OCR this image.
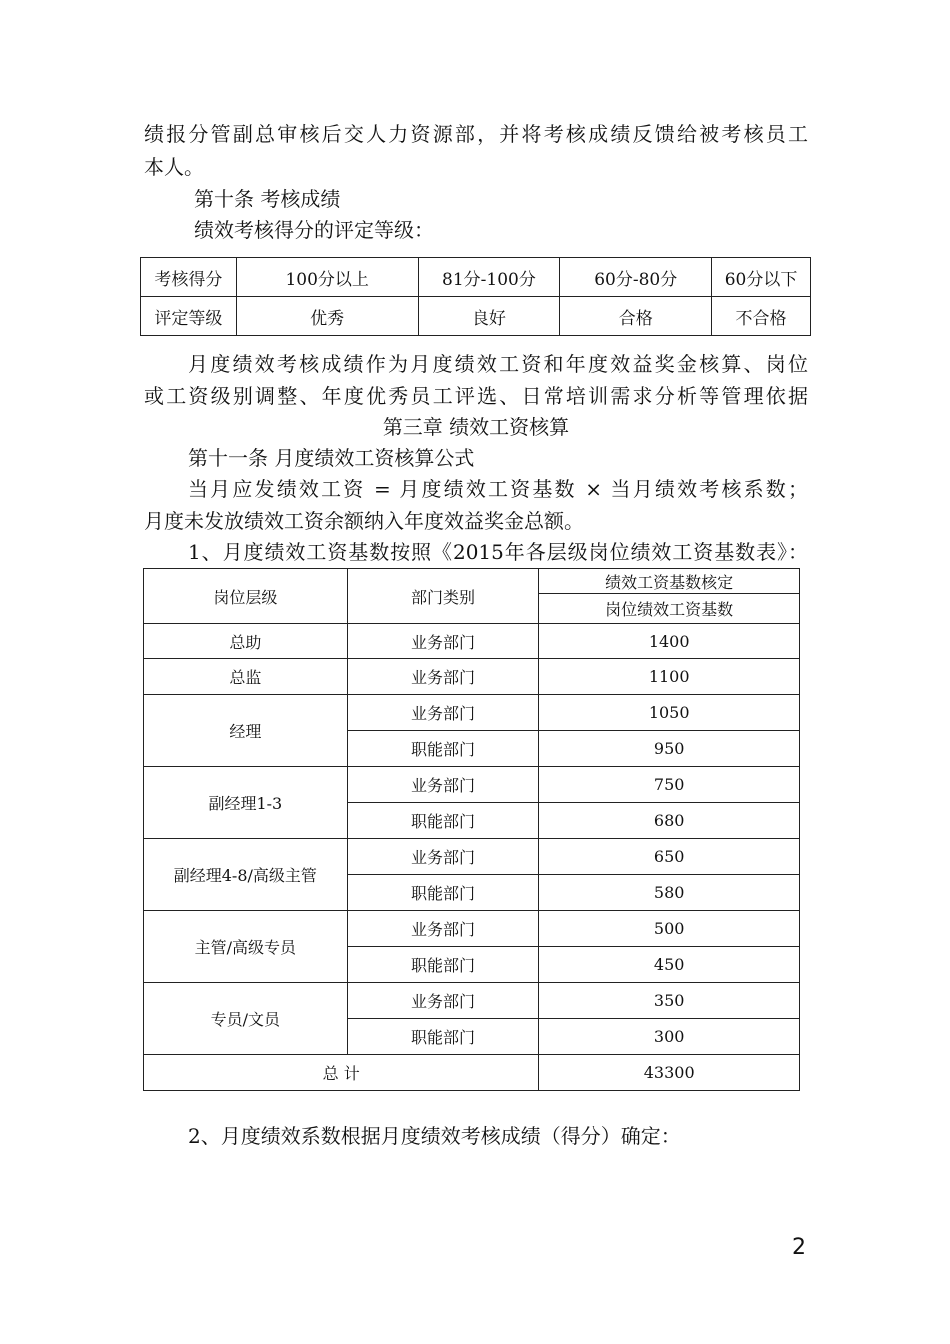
绩报分管副总审核后交人力资源部，并将考核成绩反馈给被考核员工
本人。
第十条 考核成绩
绩效考核得分的评定等级：
考核得分	100分以上	81分-100分	60分-80分	60分以下
评定等级	优秀	良好	合格	不合格
月度绩效考核成绩作为月度绩效工资和年度效益奖金核算、岗位
或工资级别调整、年度优秀员工评选、日常培训需求分析等管理依据
第三章 绩效工资核算
第十一条 月度绩效工资核算公式
当月应发绩效工资 = 月度绩效工资基数 × 当月绩效考核系数；
月度未发放绩效工资余额纳入年度效益奖金总额。
1、月度绩效工资基数按照《2015年各层级岗位绩效工资基数表》：
岗位层级	部门类别	绩效工资基数核定
		岗位绩效工资基数
总助	业务部门	1400
总监	业务部门	1100
经理	业务部门	1050
	职能部门	950
副经理1-3	业务部门	750
	职能部门	680
副经理4-8/高级主管	业务部门	650
	职能部门	580
主管/高级专员	业务部门	500
	职能部门	450
专员/文员	业务部门	350
	职能部门	300
总 计		43300
2、月度绩效系数根据月度绩效考核成绩（得分）确定：
2
